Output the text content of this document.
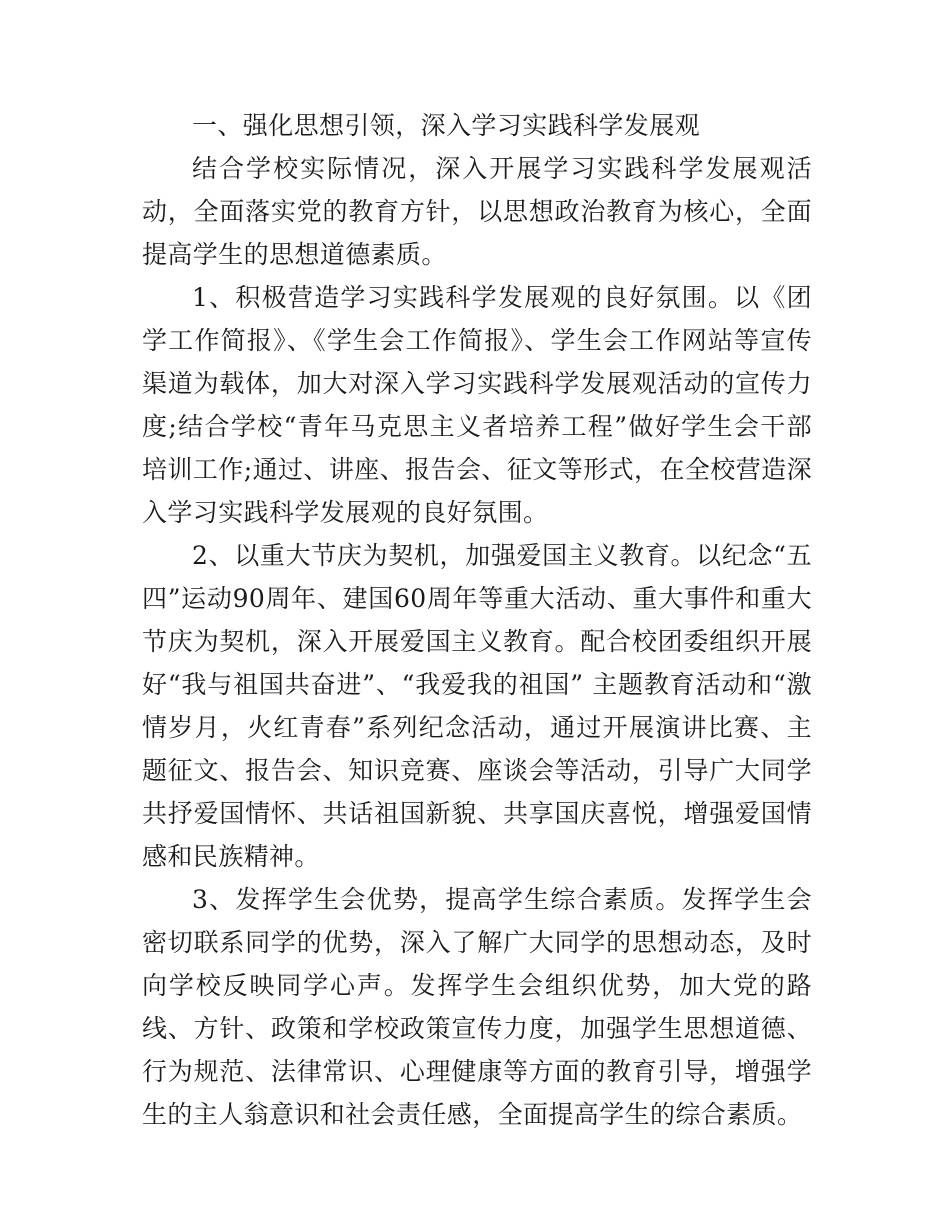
一、强化思想引领，深入学习实践科学发展观

结合学校实际情况，深入开展学习实践科学发展观活动，全面落实党的教育方针，以思想政治教育为核心，全面提高学生的思想道德素质。

1、积极营造学习实践科学发展观的良好氛围。以《团学工作简报》、《学生会工作简报》、学生会工作网站等宣传渠道为载体，加大对深入学习实践科学发展观活动的宣传力度;结合学校“青年马克思主义者培养工程”做好学生会干部培训工作;通过、讲座、报告会、征文等形式，在全校营造深入学习实践科学发展观的良好氛围。

2、以重大节庆为契机，加强爱国主义教育。以纪念“五四”运动90周年、建国60周年等重大活动、重大事件和重大节庆为契机，深入开展爱国主义教育。配合校团委组织开展好“我与祖国共奋进”、“我爱我的祖国” 主题教育活动和“激情岁月，火红青春”系列纪念活动，通过开展演讲比赛、主题征文、报告会、知识竞赛、座谈会等活动，引导广大同学共抒爱国情怀、共话祖国新貌、共享国庆喜悦，增强爱国情感和民族精神。

3、发挥学生会优势，提高学生综合素质。发挥学生会密切联系同学的优势，深入了解广大同学的思想动态，及时向学校反映同学心声。发挥学生会组织优势，加大党的路线、方针、政策和学校政策宣传力度，加强学生思想道德、行为规范、法律常识、心理健康等方面的教育引导，增强学生的主人翁意识和社会责任感，全面提高学生的综合素质。
